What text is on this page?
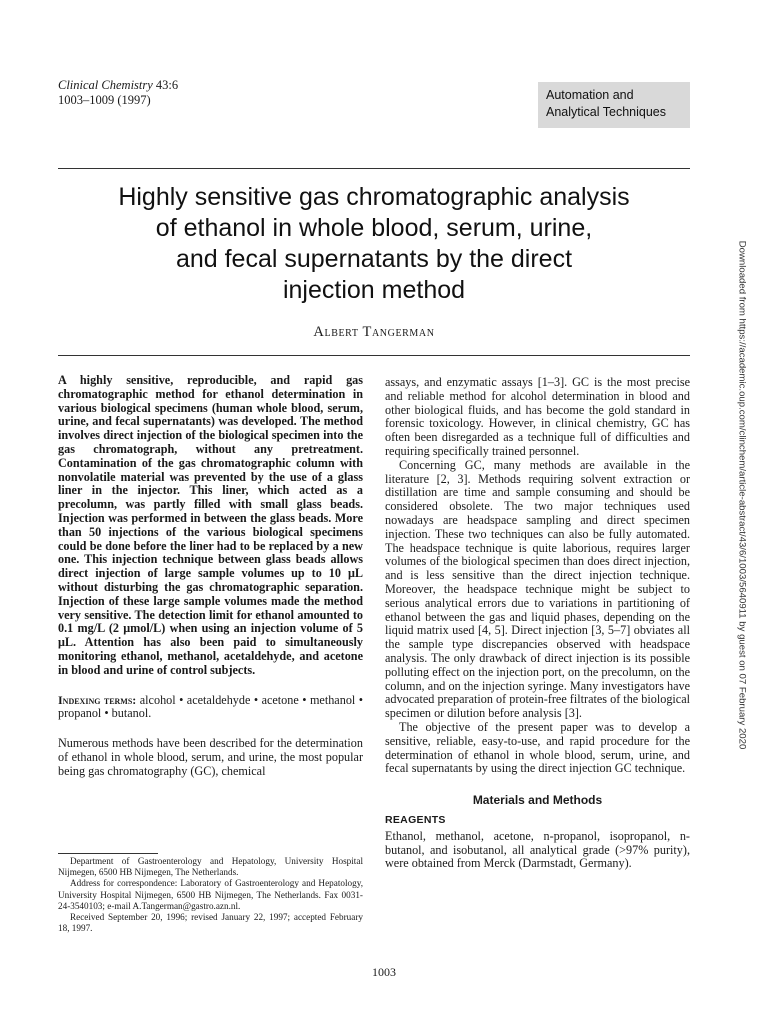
Clinical Chemistry 43:6
1003–1009 (1997)	Automation and
Analytical Techniques
Highly sensitive gas chromatographic analysis
of ethanol in whole blood, serum, urine,
and fecal supernatants by the direct
injection method
Albert Tangerman

A highly sensitive, reproducible, and rapid gas chromatographic method for ethanol determination in various biological specimens (human whole blood, serum, urine, and fecal supernatants) was developed. The method involves direct injection of the biological specimen into the gas chromatograph, without any pretreatment. Contamination of the gas chromatographic column with nonvolatile material was prevented by the use of a glass liner in the injector. This liner, which acted as a precolumn, was partly filled with small glass beads. Injection was performed in between the glass beads. More than 50 injections of the various biological specimens could be done before the liner had to be replaced by a new one. This injection technique between glass beads allows direct injection of large sample volumes up to 10 μL without disturbing the gas chromatographic separation. Injection of these large sample volumes made the method very sensitive. The detection limit for ethanol amounted to 0.1 mg/L (2 μmol/L) when using an injection volume of 5 μL. Attention has also been paid to simultaneously monitoring ethanol, methanol, acetaldehyde, and acetone in blood and urine of control subjects.

Indexing terms: alcohol • acetaldehyde • acetone • methanol • propanol • butanol.

Numerous methods have been described for the determination of ethanol in whole blood, serum, and urine, the most popular being gas chromatography (GC), chemical

Department of Gastroenterology and Hepatology, University Hospital Nijmegen, 6500 HB Nijmegen, The Netherlands.

Address for correspondence: Laboratory of Gastroenterology and Hepatology, University Hospital Nijmegen, 6500 HB Nijmegen, The Netherlands. Fax 0031-24-3540103; e-mail A.Tangerman@gastro.azn.nl.

Received September 20, 1996; revised January 22, 1997; accepted February 18, 1997.

assays, and enzymatic assays [1–3]. GC is the most precise and reliable method for alcohol determination in blood and other biological fluids, and has become the gold standard in forensic toxicology. However, in clinical chemistry, GC has often been disregarded as a technique full of difficulties and requiring specifically trained personnel.

Concerning GC, many methods are available in the literature [2, 3]. Methods requiring solvent extraction or distillation are time and sample consuming and should be considered obsolete. The two major techniques used nowadays are headspace sampling and direct specimen injection. These two techniques can also be fully automated. The headspace technique is quite laborious, requires larger volumes of the biological specimen than does direct injection, and is less sensitive than the direct injection technique. Moreover, the headspace technique might be subject to serious analytical errors due to variations in partitioning of ethanol between the gas and liquid phases, depending on the liquid matrix used [4, 5]. Direct injection [3, 5–7] obviates all the sample type discrepancies observed with headspace analysis. The only drawback of direct injection is its possible polluting effect on the injection port, on the precolumn, on the column, and on the injection syringe. Many investigators have advocated preparation of protein-free filtrates of the biological specimen or dilution before analysis [3].

The objective of the present paper was to develop a sensitive, reliable, easy-to-use, and rapid procedure for the determination of ethanol in whole blood, serum, urine, and fecal supernatants by using the direct injection GC technique.

Materials and Methods
REAGENTS

Ethanol, methanol, acetone, n-propanol, isopropanol, n-butanol, and isobutanol, all analytical grade (>97% purity), were obtained from Merck (Darmstadt, Germany).

1003
Downloaded from https://academic.oup.com/clinchem/article-abstract/43/6/1003/5640911 by guest on 07 February 2020
